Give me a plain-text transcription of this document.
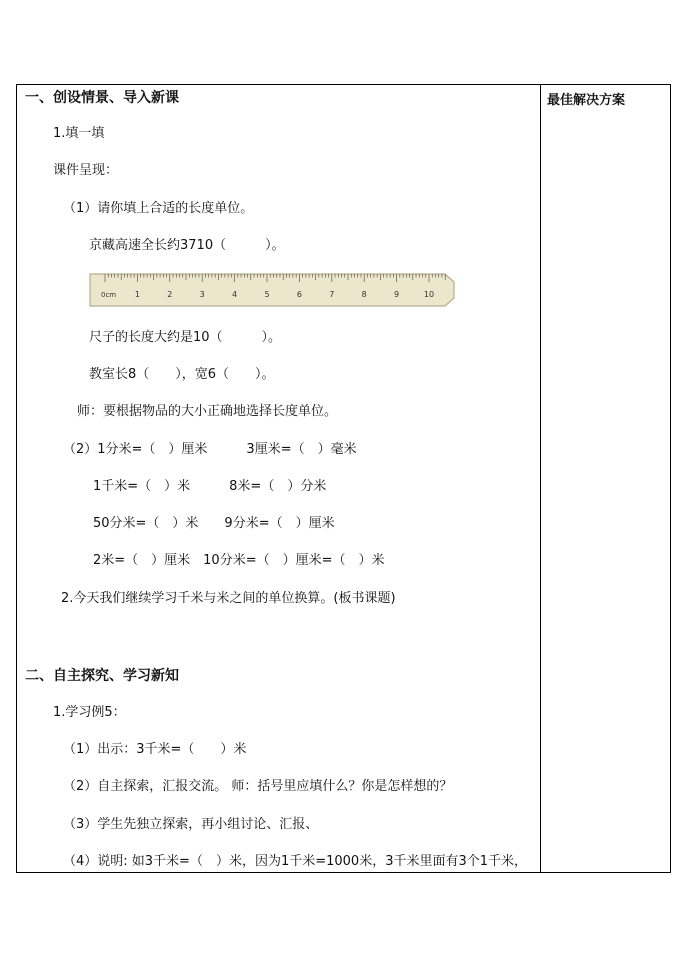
最佳解决方案
一、创设情景、导入新课
1.填一填
课件呈现：
（1）请你填上合适的长度单位。
京藏高速全长约3710（　　　）。
0cm 1	2	3	4	5	6	7	8	9	10
尺子的长度大约是10（　　　）。
教室长8（　　），宽6（　　）。
师：要根据物品的大小正确地选择长度单位。
（2）1分米=（　）厘米　　　3厘米=（　）毫米
1千米=（　）米　　　8米=（　）分米
50分米=（　）米　　9分米=（　）厘米
2米=（　）厘米　10分米=（　）厘米=（　）米
2.今天我们继续学习千米与米之间的单位换算。(板书课题)
二、自主探究、学习新知
1.学习例5：
（1）出示：3千米=（　　）米
（2）自主探索，汇报交流。 师：括号里应填什么？你是怎样想的？
（3）学生先独立探索，再小组讨论、汇报、
（4）说明: 如3千米=（　）米，因为1千米=1000米，3千米里面有3个1千米，
